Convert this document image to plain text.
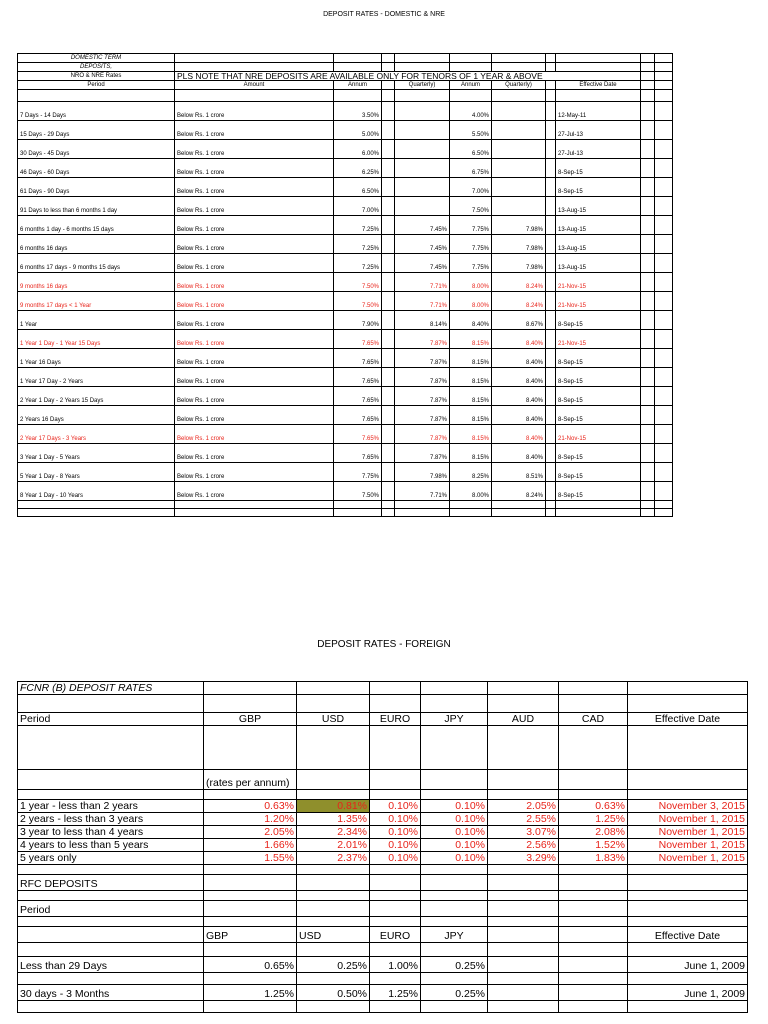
DEPOSIT RATES - DOMESTIC & NRE
DOMESTIC TERM										
DEPOSITS,										
NRO & NRE Rates	PLS NOTE THAT NRE DEPOSITS ARE AVAILABLE ONLY FOR TENORS OF 1 YEAR & ABOVE									
Period	Amount	Annum		Quarterly)	Annum	Quarterly)		Effective Date		

7 Days - 14 Days	Below Rs. 1 crore	3.50%			4.00%			12-May-11		
15 Days - 29 Days	Below Rs. 1 crore	5.00%			5.50%			27-Jul-13		
30 Days - 45 Days	Below Rs. 1 crore	6.00%			6.50%			27-Jul-13		
46 Days - 60 Days	Below Rs. 1 crore	6.25%			6.75%			8-Sep-15		
61 Days - 90 Days	Below Rs. 1 crore	6.50%			7.00%			8-Sep-15		
91 Days to less than 6 months 1 day	Below Rs. 1 crore	7.00%			7.50%			13-Aug-15		
6 months 1 day - 6 months 15 days	Below Rs. 1 crore	7.25%		7.45%	7.75%	7.98%		13-Aug-15		
6 months 16 days	Below Rs. 1 crore	7.25%		7.45%	7.75%	7.98%		13-Aug-15		
6 months 17 days - 9 months 15 days	Below Rs. 1 crore	7.25%		7.45%	7.75%	7.98%		13-Aug-15		
9 months 16 days	Below Rs. 1 crore	7.50%		7.71%	8.00%	8.24%		21-Nov-15		
9 months 17 days < 1 Year	Below Rs. 1 crore	7.50%		7.71%	8.00%	8.24%		21-Nov-15		
1 Year	Below Rs. 1 crore	7.90%		8.14%	8.40%	8.67%		8-Sep-15		
1 Year 1 Day - 1 Year 15 Days	Below Rs. 1 crore	7.65%		7.87%	8.15%	8.40%		21-Nov-15		
1 Year 16 Days	Below Rs. 1 crore	7.65%		7.87%	8.15%	8.40%		8-Sep-15		
1 Year 17 Day - 2 Years	Below Rs. 1 crore	7.65%		7.87%	8.15%	8.40%		8-Sep-15		
2 Year 1 Day - 2 Years 15 Days	Below Rs. 1 crore	7.65%		7.87%	8.15%	8.40%		8-Sep-15		
2 Years 16 Days	Below Rs. 1 crore	7.65%		7.87%	8.15%	8.40%		8-Sep-15		
2 Year 17 Days - 3 Years	Below Rs. 1 crore	7.65%		7.87%	8.15%	8.40%		21-Nov-15		
3 Year 1 Day - 5 Years	Below Rs. 1 crore	7.65%		7.87%	8.15%	8.40%		8-Sep-15		
5 Year 1 Day - 8 Years	Below Rs. 1 crore	7.75%		7.98%	8.25%	8.51%		8-Sep-15		
8 Year 1 Day - 10 Years	Below Rs. 1 crore	7.50%		7.71%	8.00%	8.24%		8-Sep-15		

DEPOSIT RATES - FOREIGN
FCNR (B) DEPOSIT RATES							

Period	GBP	USD	EURO	JPY	AUD	CAD	Effective Date

	(rates per annum)						

1 year - less than 2 years	0.63%	0.81%	0.10%	0.10%	2.05%	0.63%	November 3, 2015
2 years - less than 3 years	1.20%	1.35%	0.10%	0.10%	2.55%	1.25%	November 1, 2015
3 year to less than 4 years	2.05%	2.34%	0.10%	0.10%	3.07%	2.08%	November 1, 2015
4 years to less than 5 years	1.66%	2.01%	0.10%	0.10%	2.56%	1.52%	November 1, 2015
5 years only	1.55%	2.37%	0.10%	0.10%	3.29%	1.83%	November 1, 2015

RFC DEPOSITS							

Period							

	GBP	USD	EURO	JPY			Effective Date

Less than 29 Days	0.65%	0.25%	1.00%	0.25%			June 1, 2009

30 days - 3 Months	1.25%	0.50%	1.25%	0.25%			June 1, 2009
